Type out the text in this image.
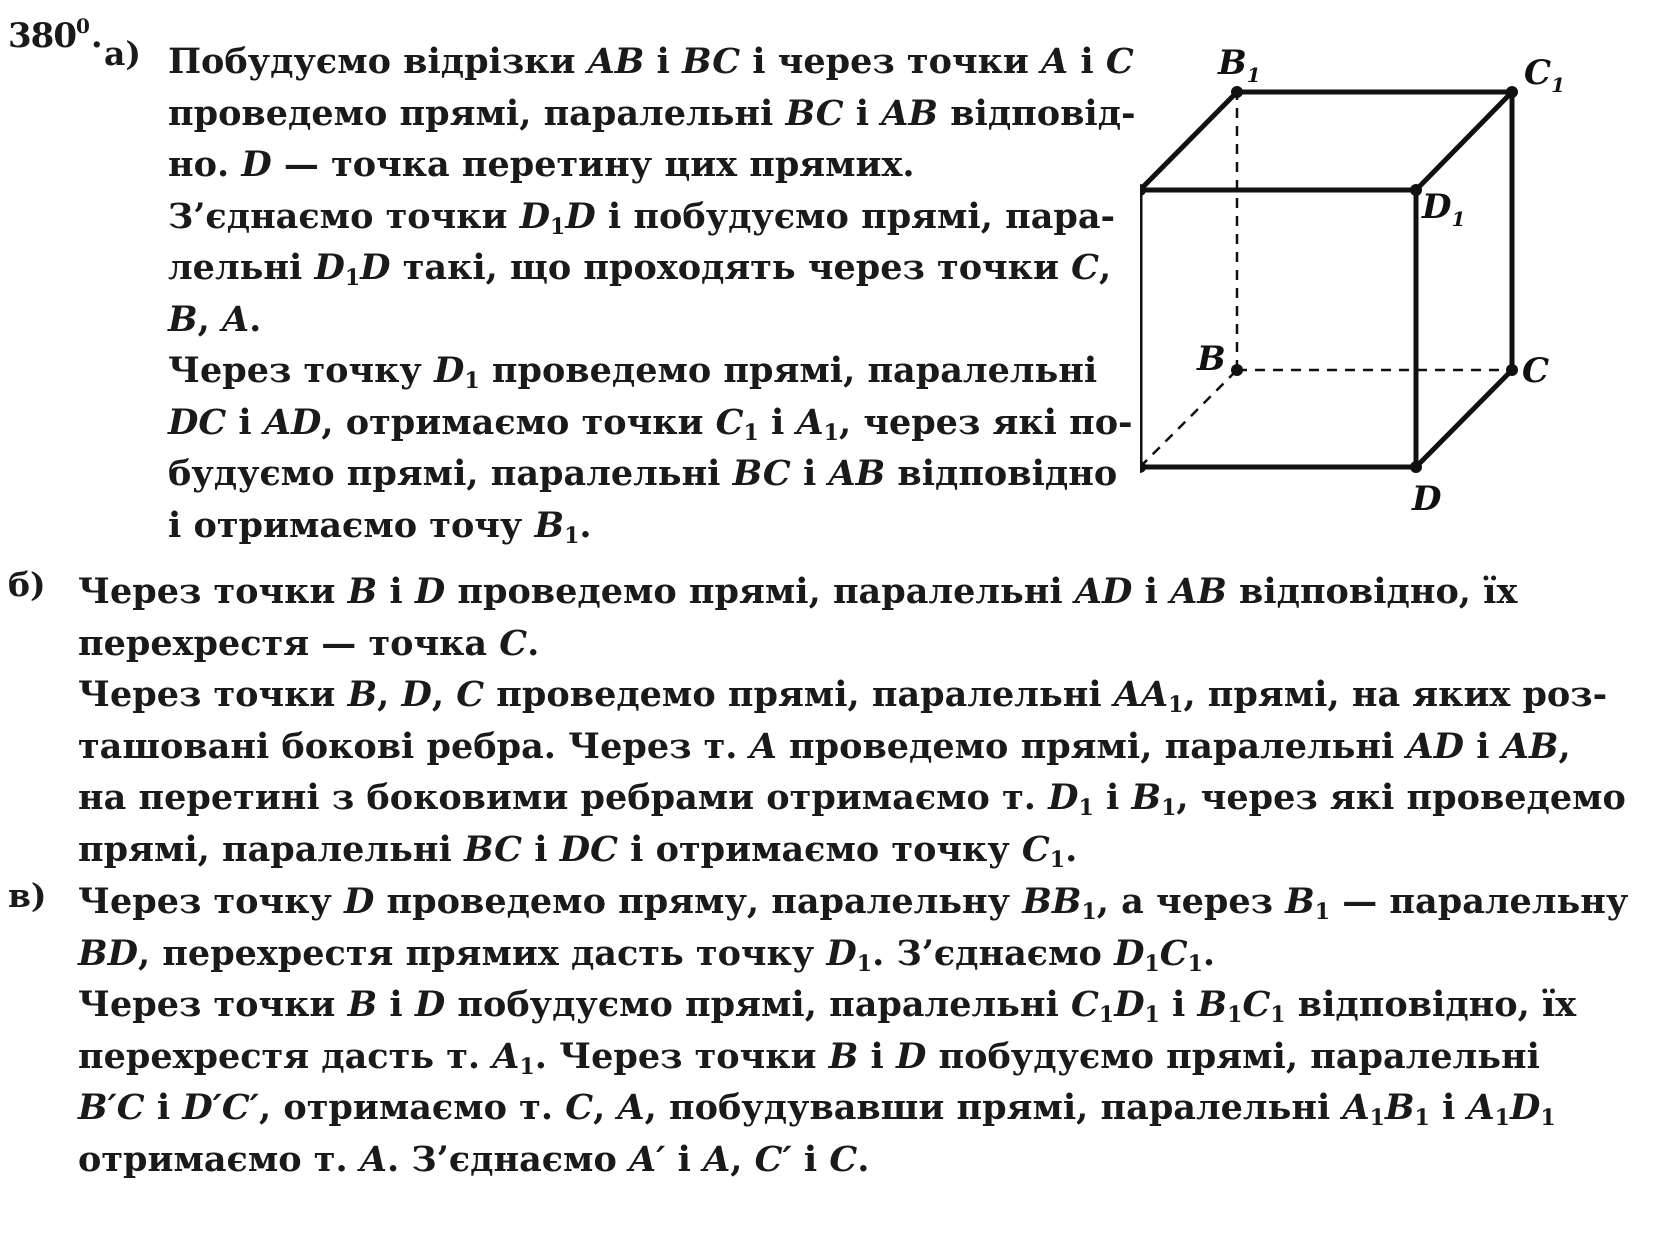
$380^0$. а)
б)
в)
Побудуємо відрізки AB і BC і через точки A і C
проведемо прямі, паралельні BC і AB відповід-
но. D — точка перетину цих прямих.
З’єднаємо точки $D_1D$ і побудуємо прямі, пара-
лельні $D_1D$ такі, що проходять через точки C,
B, A.
Через точку $D_1$ проведемо прямі, паралельні
DC і AD, отримаємо точки $C_1$ і $A_1$, через які по-
будуємо прямі, паралельні BC і AB відповідно
і отримаємо точу $B_1$.
Через точки B і D проведемо прямі, паралельні AD і AB відповідно, їх
перехрестя — точка C.
Через точки B, D, C проведемо прямі, паралельні $AA_1$, прямі, на яких роз-
ташовані бокові ребра. Через т. A проведемо прямі, паралельні AD і AB,
на перетині з боковими ребрами отримаємо т. $D_1$ і $B_1$, через які проведемо
прямі, паралельні BC і DC і отримаємо точку $C_1$.
Через точку D проведемо пряму, паралельну $BB_1$, а через $B_1$ — паралельну
BD, перехрестя прямих дасть точку $D_1$. З’єднаємо $D_1C_1$.
Через точки B і D побудуємо прямі, паралельні $C_1D_1$ і $B_1C_1$ відповідно, їх
перехрестя дасть т. $A_1$. Через точки B і D побудуємо прямі, паралельні
B′C і D′C′, отримаємо т. C, A, побудувавши прямі, паралельні $A_1B_1$ і $A_1D_1$
отримаємо т. A. З’єднаємо A′ і A, C′ і C.
D
B	C
D1
B1	C1
